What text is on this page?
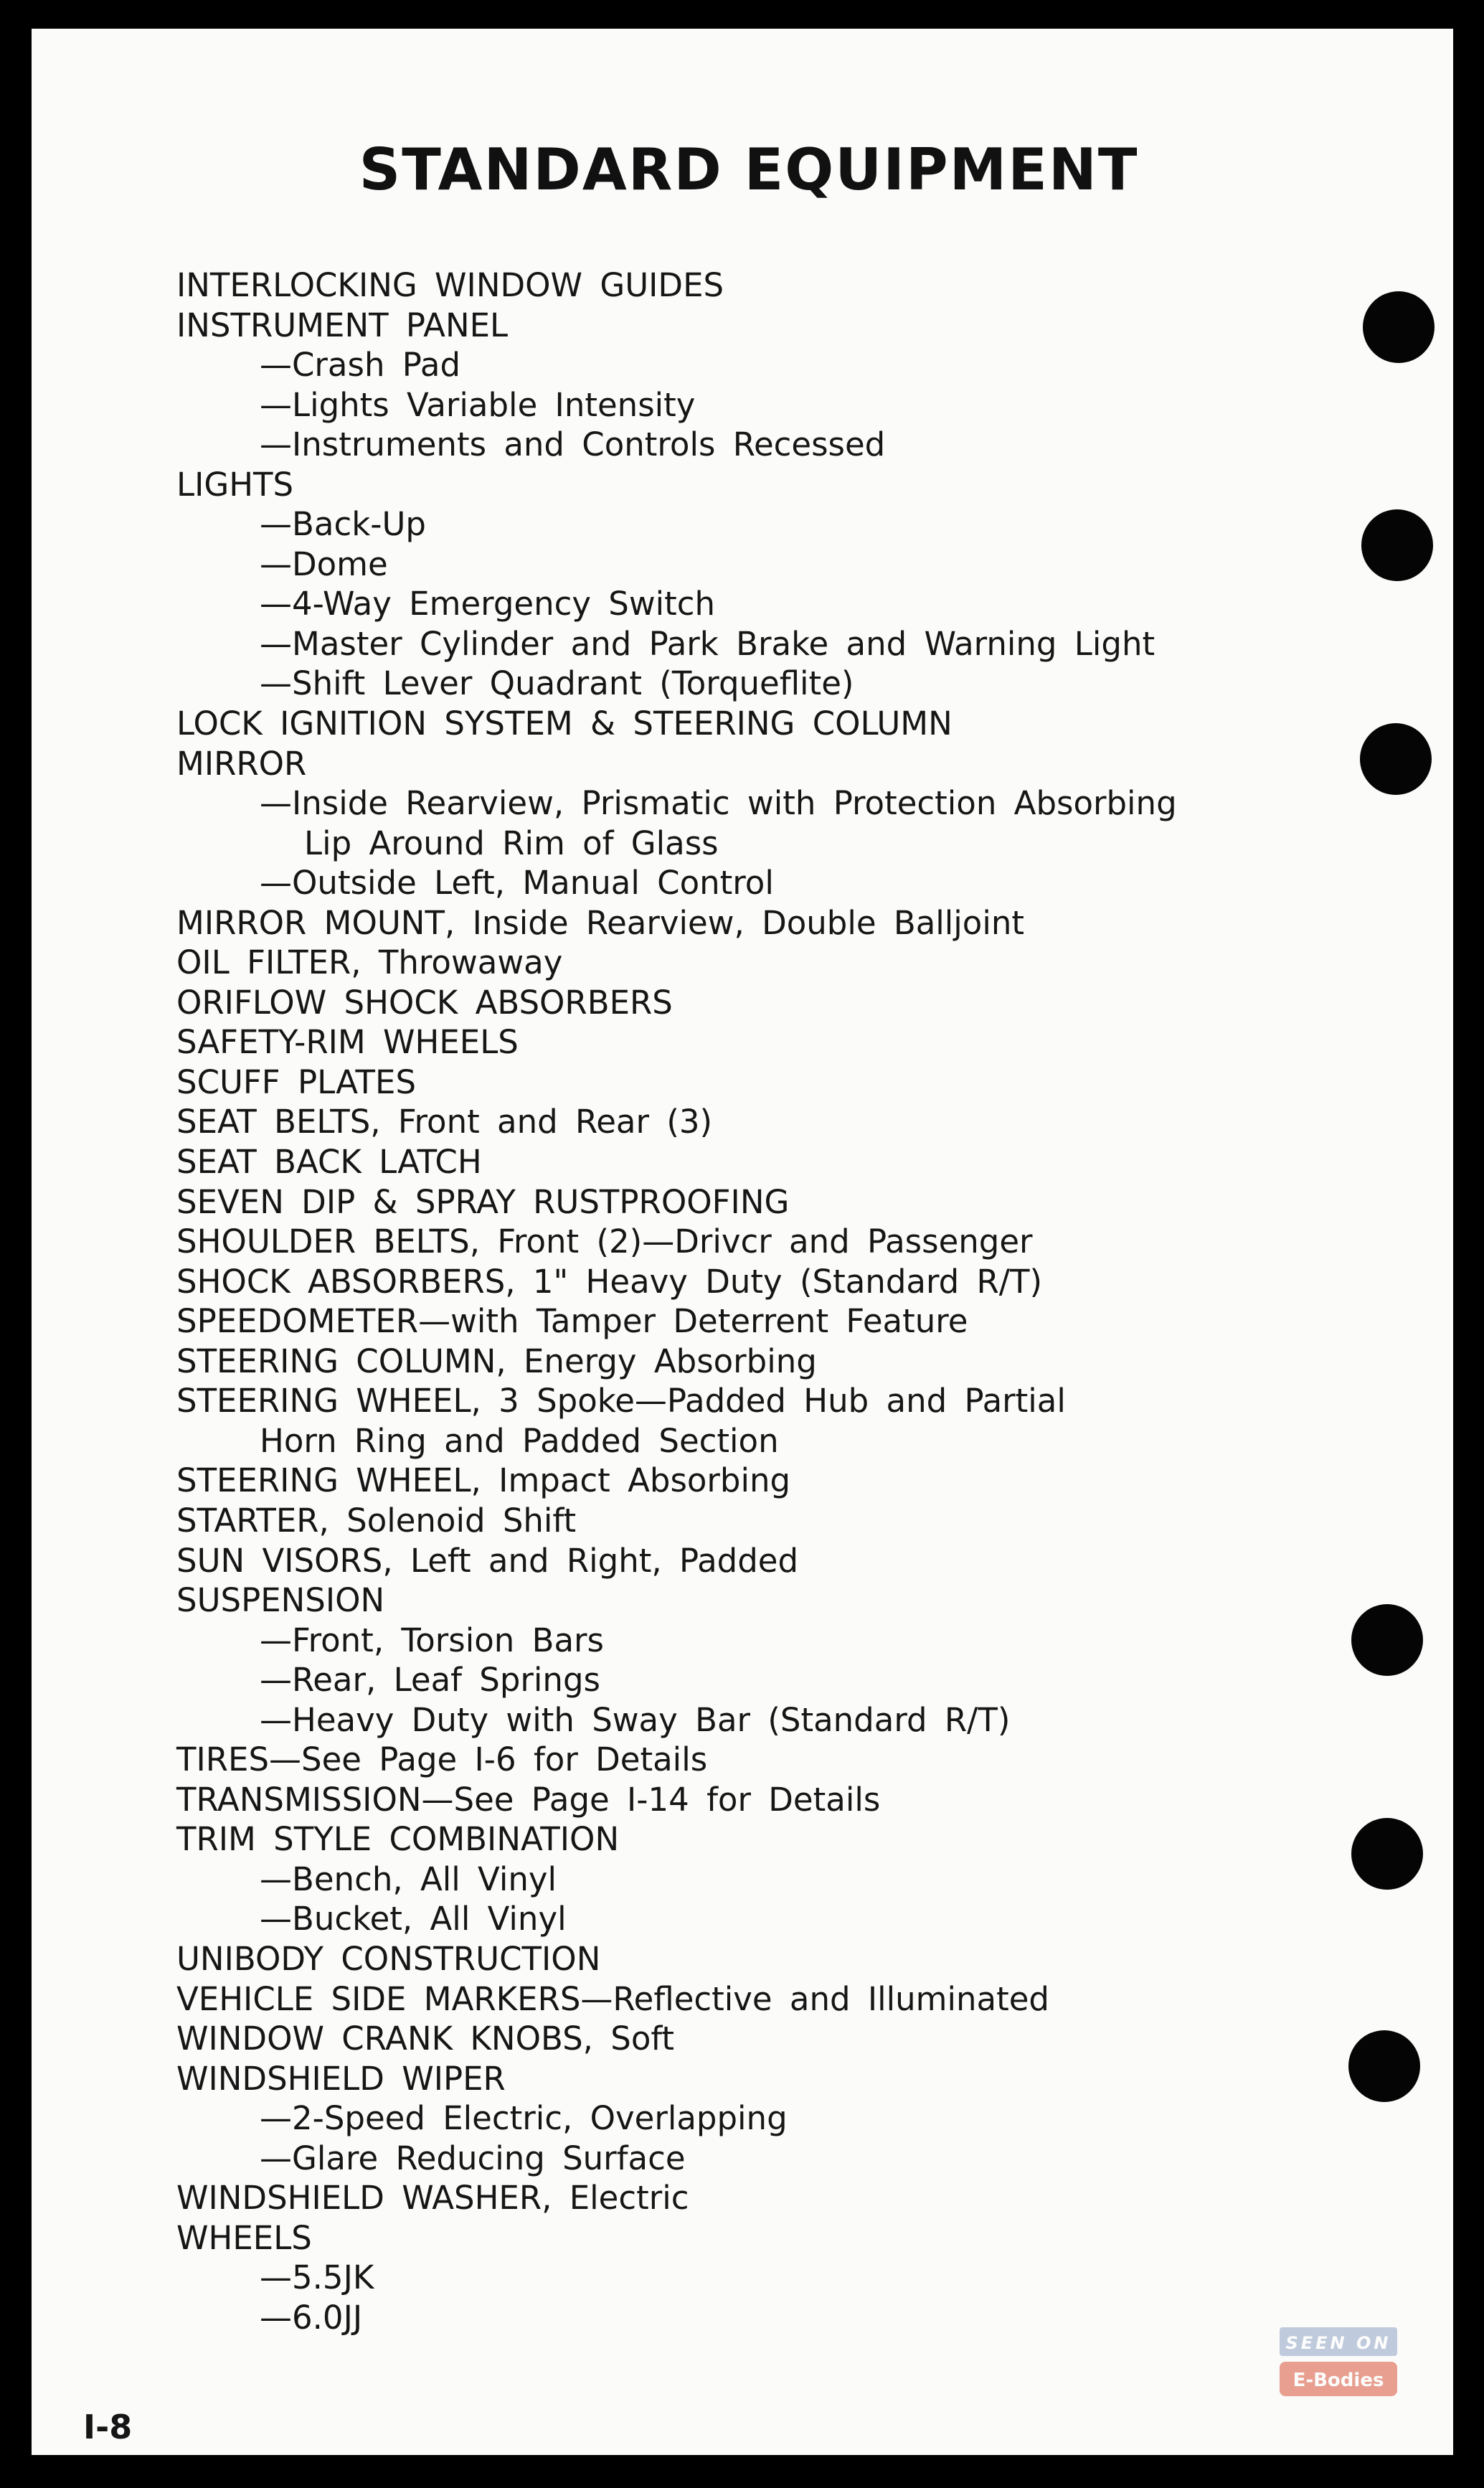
STANDARD EQUIPMENT
INTERLOCKING WINDOW GUIDES
INSTRUMENT PANEL
—Crash Pad
—Lights Variable Intensity
—Instruments and Controls Recessed
LIGHTS
—Back-Up
—Dome
—4-Way Emergency Switch
—Master Cylinder and Park Brake and Warning Light
—Shift Lever Quadrant (Torqueflite)
LOCK IGNITION SYSTEM & STEERING COLUMN
MIRROR
—Inside Rearview, Prismatic with Protection Absorbing
Lip Around Rim of Glass
—Outside Left, Manual Control
MIRROR MOUNT, Inside Rearview, Double Balljoint
OIL FILTER, Throwaway
ORIFLOW SHOCK ABSORBERS
SAFETY-RIM WHEELS
SCUFF PLATES
SEAT BELTS, Front and Rear (3)
SEAT BACK LATCH
SEVEN DIP & SPRAY RUSTPROOFING
SHOULDER BELTS, Front (2)—Drivcr and Passenger
SHOCK ABSORBERS, 1" Heavy Duty (Standard R/T)
SPEEDOMETER—with Tamper Deterrent Feature
STEERING COLUMN, Energy Absorbing
STEERING WHEEL, 3 Spoke—Padded Hub and Partial
Horn Ring and Padded Section
STEERING WHEEL, Impact Absorbing
STARTER, Solenoid Shift
SUN VISORS, Left and Right, Padded
SUSPENSION
—Front, Torsion Bars
—Rear, Leaf Springs
—Heavy Duty with Sway Bar (Standard R/T)
TIRES—See Page I-6 for Details
TRANSMISSION—See Page I-14 for Details
TRIM STYLE COMBINATION
—Bench, All Vinyl
—Bucket, All Vinyl
UNIBODY CONSTRUCTION
VEHICLE SIDE MARKERS—Reflective and Illuminated
WINDOW CRANK KNOBS, Soft
WINDSHIELD WIPER
—2-Speed Electric, Overlapping
—Glare Reducing Surface
WINDSHIELD WASHER, Electric
WHEELS
—5.5JK
—6.0JJ
I-8
SEEN ON
E-Bodies
